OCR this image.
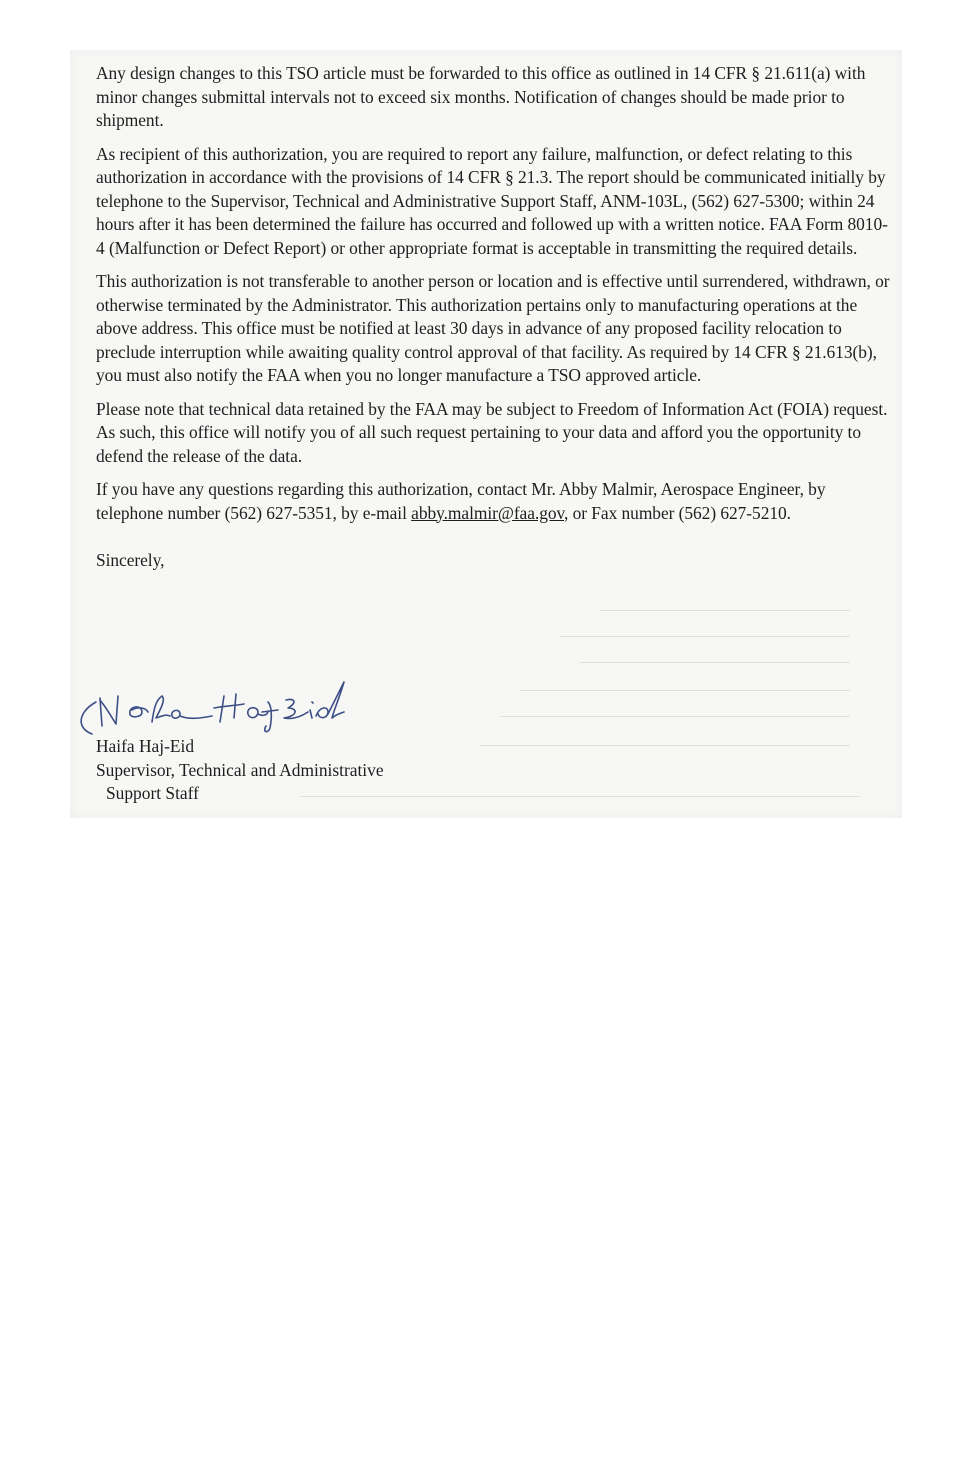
Any design changes to this TSO article must be forwarded to this office as outlined in 14 CFR § 21.611(a) with minor changes submittal intervals not to exceed six months. Notification of changes should be made prior to shipment.

As recipient of this authorization, you are required to report any failure, malfunction, or defect relating to this authorization in accordance with the provisions of 14 CFR § 21.3. The report should be communicated initially by telephone to the Supervisor, Technical and Administrative Support Staff, ANM-103L, (562) 627-5300; within 24 hours after it has been determined the failure has occurred and followed up with a written notice. FAA Form 8010-4 (Malfunction or Defect Report) or other appropriate format is acceptable in transmitting the required details.

This authorization is not transferable to another person or location and is effective until surrendered, withdrawn, or otherwise terminated by the Administrator. This authorization pertains only to manufacturing operations at the above address. This office must be notified at least 30 days in advance of any proposed facility relocation to preclude interruption while awaiting quality control approval of that facility. As required by 14 CFR § 21.613(b), you must also notify the FAA when you no longer manufacture a TSO approved article.

Please note that technical data retained by the FAA may be subject to Freedom of Information Act (FOIA) request. As such, this office will notify you of all such request pertaining to your data and afford you the opportunity to defend the release of the data.

If you have any questions regarding this authorization, contact Mr. Abby Malmir, Aerospace Engineer, by telephone number (562) 627-5351, by e-mail abby.malmir@faa.gov, or Fax number (562) 627-5210.

Sincerely,

Haifa Haj-Eid
Supervisor, Technical and Administrative
Support Staff
